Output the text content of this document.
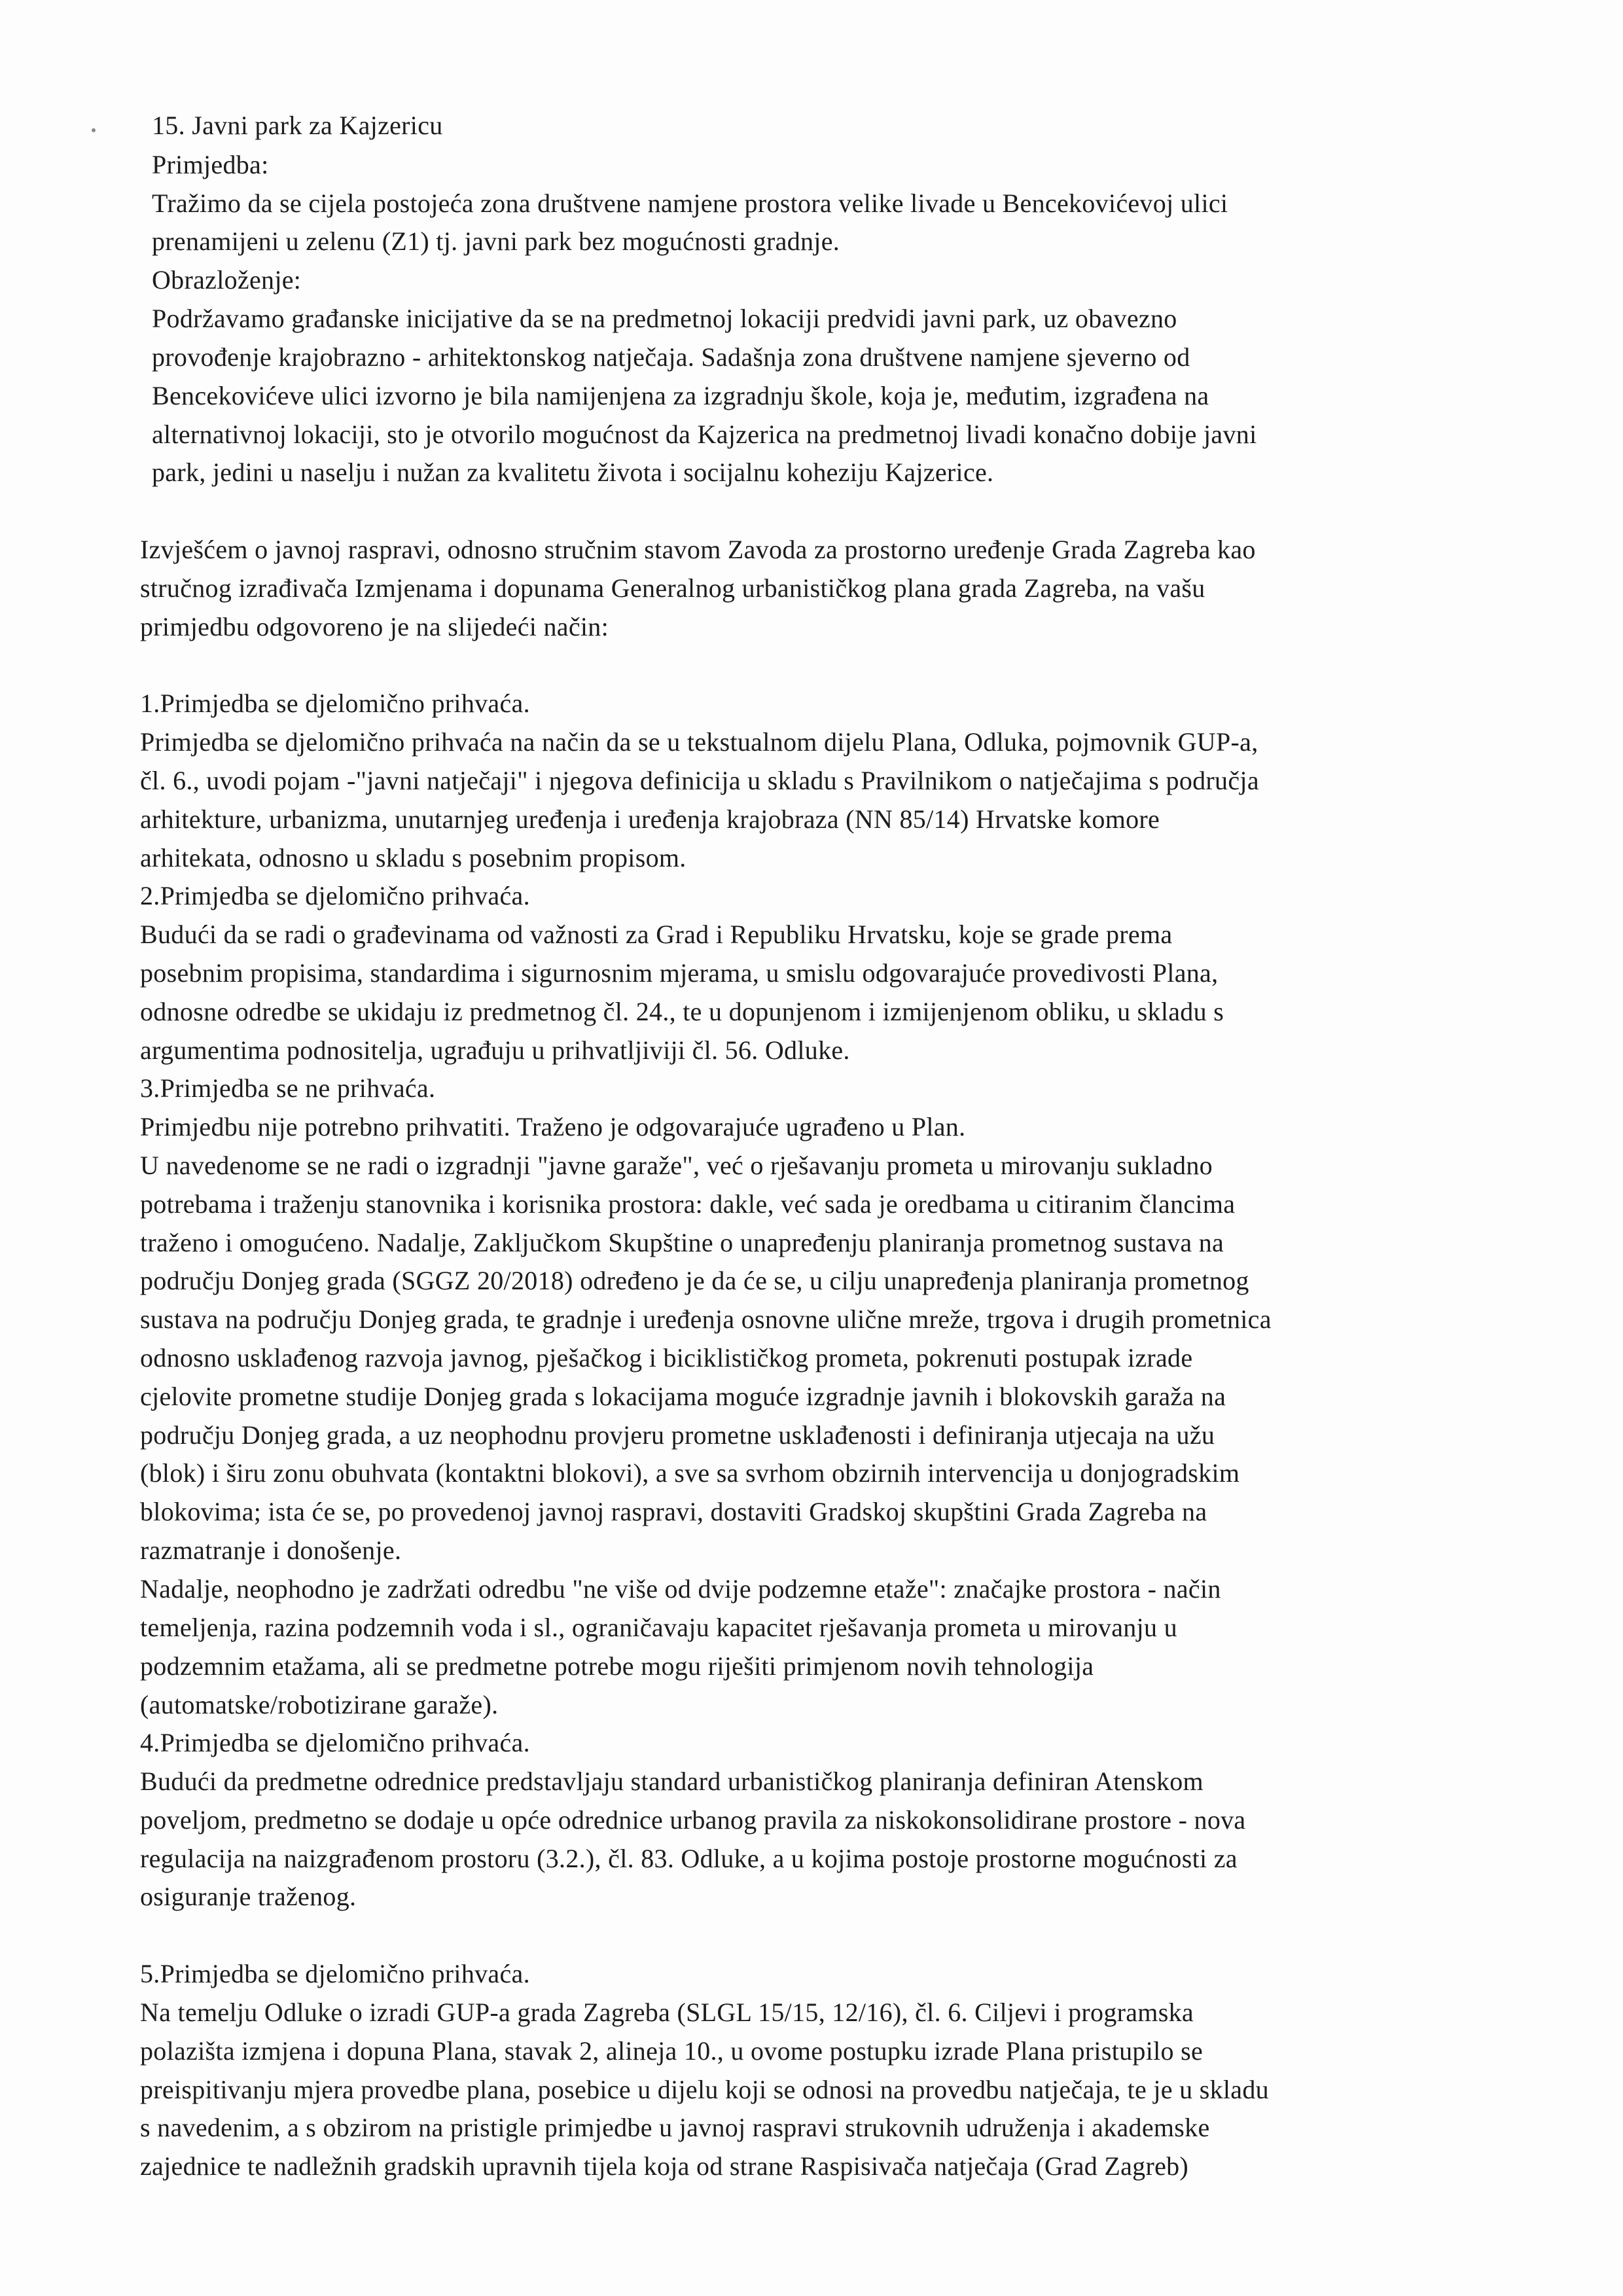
15. Javni park za Kajzericu
Primjedba:
Tražimo da se cijela postojeća zona društvene namjene prostora velike livade u Bencekovićevoj ulici
prenamijeni u zelenu (Z1) tj. javni park bez mogućnosti gradnje.
Obrazloženje:
Podržavamo građanske inicijative da se na predmetnoj lokaciji predvidi javni park, uz obavezno
provođenje krajobrazno - arhitektonskog natječaja. Sadašnja zona društvene namjene sjeverno od
Bencekovićeve ulici izvorno je bila namijenjena za izgradnju škole, koja je, međutim, izgrađena na
alternativnoj lokaciji, sto je otvorilo mogućnost da Kajzerica na predmetnoj livadi konačno dobije javni
park, jedini u naselju i nužan za kvalitetu života i socijalnu koheziju Kajzerice.
Izvješćem o javnoj raspravi, odnosno stručnim stavom Zavoda za prostorno uređenje Grada Zagreba kao
stručnog izrađivača Izmjenama i dopunama Generalnog urbanističkog plana grada Zagreba, na vašu
primjedbu odgovoreno je na slijedeći način:
1.Primjedba se djelomično prihvaća.
Primjedba se djelomično prihvaća na način da se u tekstualnom dijelu Plana, Odluka, pojmovnik GUP-a,
čl. 6., uvodi pojam -"javni natječaji" i njegova definicija u skladu s Pravilnikom o natječajima s područja
arhitekture, urbanizma, unutarnjeg uređenja i uređenja krajobraza (NN 85/14) Hrvatske komore
arhitekata, odnosno u skladu s posebnim propisom.
2.Primjedba se djelomično prihvaća.
Budući da se radi o građevinama od važnosti za Grad i Republiku Hrvatsku, koje se grade prema
posebnim propisima, standardima i sigurnosnim mjerama, u smislu odgovarajuće provedivosti Plana,
odnosne odredbe se ukidaju iz predmetnog čl. 24., te u dopunjenom i izmijenjenom obliku, u skladu s
argumentima podnositelja, ugrađuju u prihvatljiviji čl. 56. Odluke.
3.Primjedba se ne prihvaća.
Primjedbu nije potrebno prihvatiti. Traženo je odgovarajuće ugrađeno u Plan.
U navedenome se ne radi o izgradnji "javne garaže", već o rješavanju prometa u mirovanju sukladno
potrebama i traženju stanovnika i korisnika prostora: dakle, već sada je oredbama u citiranim člancima
traženo i omogućeno. Nadalje, Zaključkom Skupštine o unapređenju planiranja prometnog sustava na
području Donjeg grada (SGGZ 20/2018) određeno je da će se, u cilju unapređenja planiranja prometnog
sustava na području Donjeg grada, te gradnje i uređenja osnovne ulične mreže, trgova i drugih prometnica
odnosno usklađenog razvoja javnog, pješačkog i biciklističkog prometa, pokrenuti postupak izrade
cjelovite prometne studije Donjeg grada s lokacijama moguće izgradnje javnih i blokovskih garaža na
području Donjeg grada, a uz neophodnu provjeru prometne usklađenosti i definiranja utjecaja na užu
(blok) i širu zonu obuhvata (kontaktni blokovi), a sve sa svrhom obzirnih intervencija u donjogradskim
blokovima; ista će se, po provedenoj javnoj raspravi, dostaviti Gradskoj skupštini Grada Zagreba na
razmatranje i donošenje.
Nadalje, neophodno je zadržati odredbu "ne više od dvije podzemne etaže": značajke prostora - način
temeljenja, razina podzemnih voda i sl., ograničavaju kapacitet rješavanja prometa u mirovanju u
podzemnim etažama, ali se predmetne potrebe mogu riješiti primjenom novih tehnologija
(automatske/robotizirane garaže).
4.Primjedba se djelomično prihvaća.
Budući da predmetne odrednice predstavljaju standard urbanističkog planiranja definiran Atenskom
poveljom, predmetno se dodaje u opće odrednice urbanog pravila za niskokonsolidirane prostore - nova
regulacija na naizgrađenom prostoru (3.2.), čl. 83. Odluke, a u kojima postoje prostorne mogućnosti za
osiguranje traženog.
5.Primjedba se djelomično prihvaća.
Na temelju Odluke o izradi GUP-a grada Zagreba (SLGL 15/15, 12/16), čl. 6. Ciljevi i programska
polazišta izmjena i dopuna Plana, stavak 2, alineja 10., u ovome postupku izrade Plana pristupilo se
preispitivanju mjera provedbe plana, posebice u dijelu koji se odnosi na provedbu natječaja, te je u skladu
s navedenim, a s obzirom na pristigle primjedbe u javnoj raspravi strukovnih udruženja i akademske
zajednice te nadležnih gradskih upravnih tijela koja od strane Raspisivača natječaja (Grad Zagreb)
